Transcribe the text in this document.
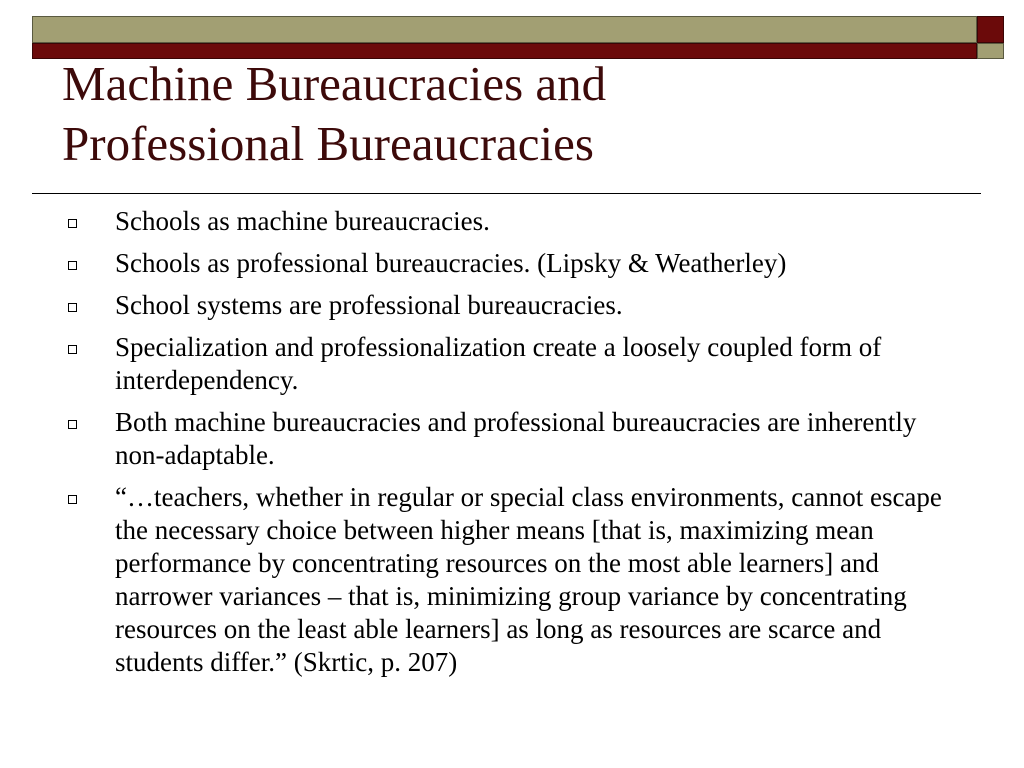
Machine Bureaucracies and
Professional Bureaucracies
Schools as machine bureaucracies.
Schools as professional bureaucracies. (Lipsky & Weatherley)
School systems are professional bureaucracies.
Specialization and professionalization create a loosely coupled form of interdependency.
Both machine bureaucracies and professional bureaucracies are inherently non-adaptable.
“…teachers, whether in regular or special class environments, cannot escape the necessary choice between higher means [that is, maximizing mean performance by concentrating resources on the most able learners] and narrower variances – that is, minimizing group variance by concentrating resources on the least able learners] as long as resources are scarce and students differ.” (Skrtic, p. 207)
